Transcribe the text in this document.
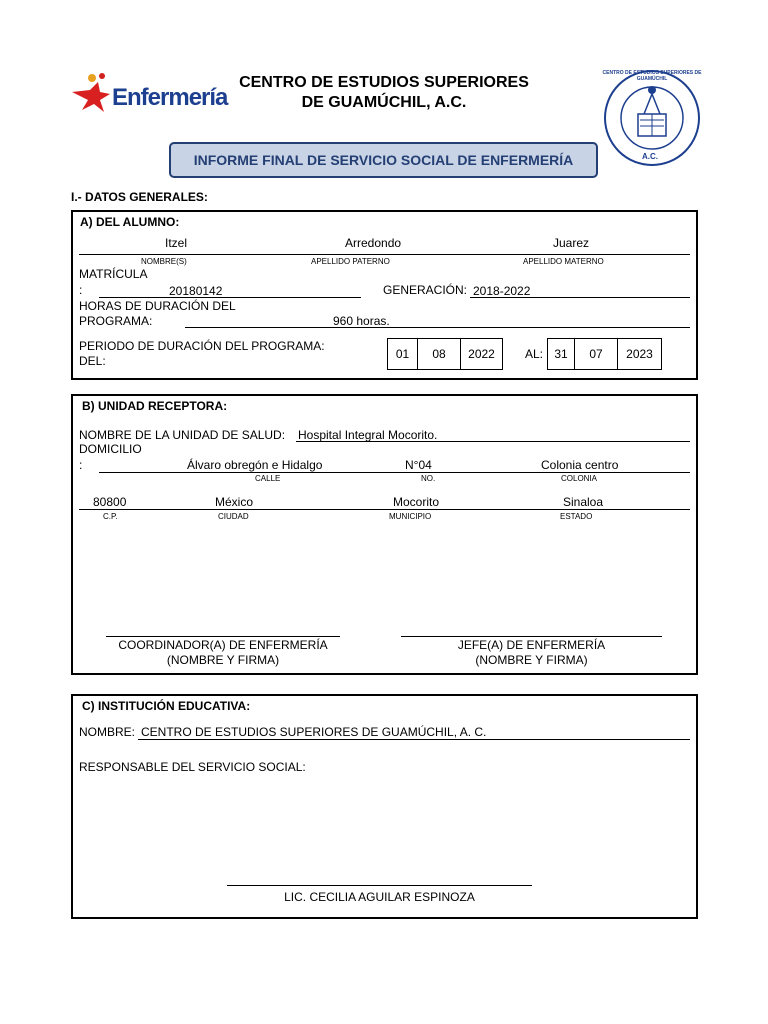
Enfermería
CENTRO DE ESTUDIOS SUPERIORES
DE GUAMÚCHIL, A.C.
CENTRO DE ESTUDIOS SUPERIORES DE GUAMÚCHIL
A.C.
INFORME FINAL DE SERVICIO SOCIAL DE ENFERMERÍA
I.- DATOS GENERALES:
A) DEL ALUMNO:
Itzel	Arredondo	Juarez
NOMBRE(S)	APELLIDO PATERNO	APELLIDO MATERNO
MATRÍCULA
:	20180142	GENERACIÓN: 2018-2022
HORAS DE DURACIÓN DEL
PROGRAMA:	960 horas.
PERIODO DE DURACIÓN DEL PROGRAMA:
DEL:	01	08	2022	AL: 31	07	2023
B) UNIDAD RECEPTORA:
NOMBRE DE LA UNIDAD DE SALUD: Hospital Integral Mocorito.
DOMICILIO
:	Álvaro obregón e Hidalgo	N°04	Colonia centro
CALLE	NO.	COLONIA
80800	México	Mocorito	Sinaloa
C.P.	CIUDAD	MUNICIPIO	ESTADO
COORDINADOR(A) DE ENFERMERÍA
(NOMBRE Y FIRMA)
JEFE(A) DE ENFERMERÍA
(NOMBRE Y FIRMA)
C) INSTITUCIÓN EDUCATIVA:
NOMBRE: CENTRO DE ESTUDIOS SUPERIORES DE GUAMÚCHIL, A. C.
RESPONSABLE DEL SERVICIO SOCIAL:
LIC. CECILIA AGUILAR ESPINOZA
